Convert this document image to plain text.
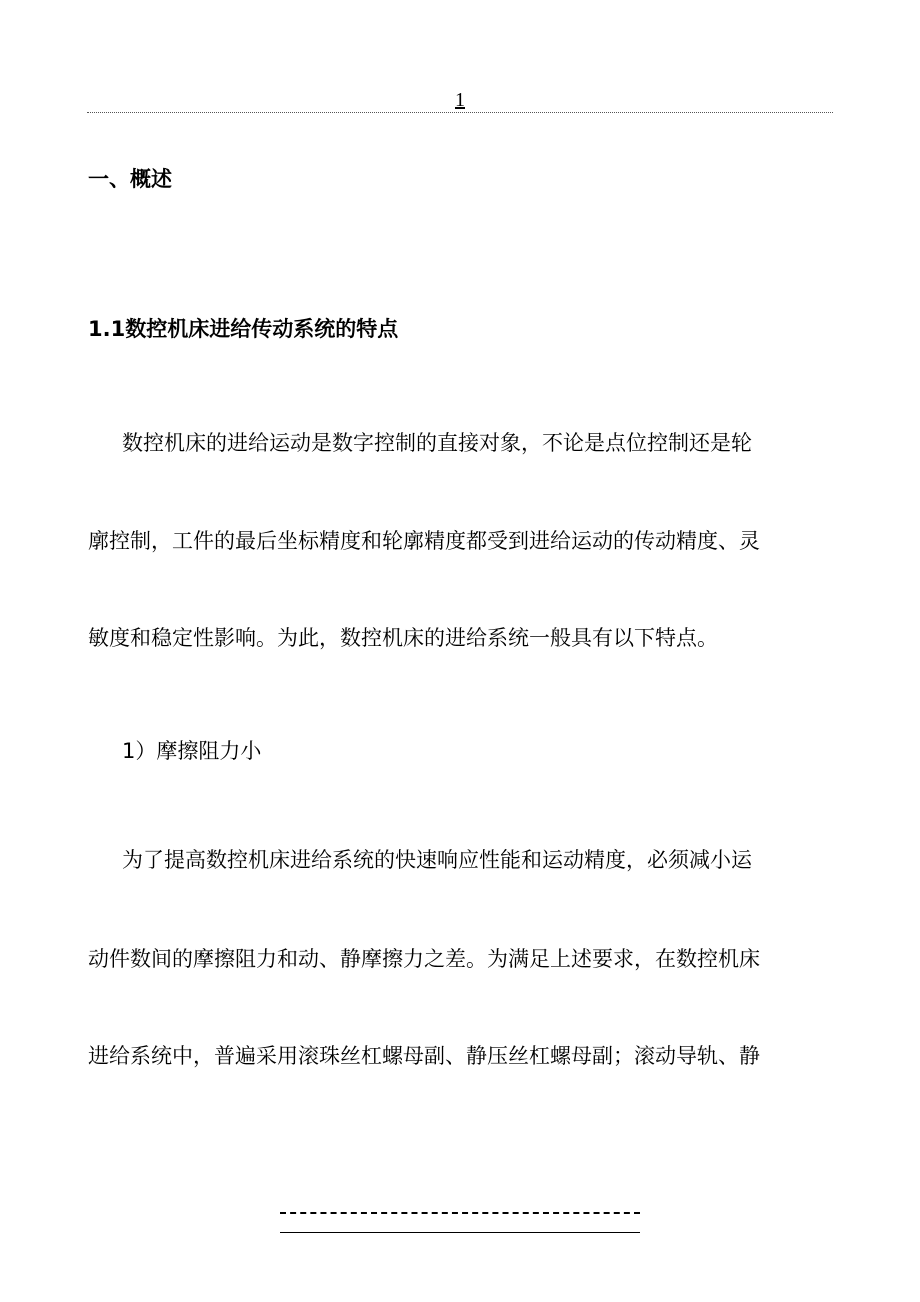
1
一、概述
1.1数控机床进给传动系统的特点
数控机床的进给运动是数字控制的直接对象，不论是点位控制还是轮
廓控制，工件的最后坐标精度和轮廓精度都受到进给运动的传动精度、灵
敏度和稳定性影响。为此，数控机床的进给系统一般具有以下特点。
1）摩擦阻力小
为了提高数控机床进给系统的快速响应性能和运动精度，必须减小运
动件数间的摩擦阻力和动、静摩擦力之差。为满足上述要求，在数控机床
进给系统中，普遍采用滚珠丝杠螺母副、静压丝杠螺母副；滚动导轨、静
